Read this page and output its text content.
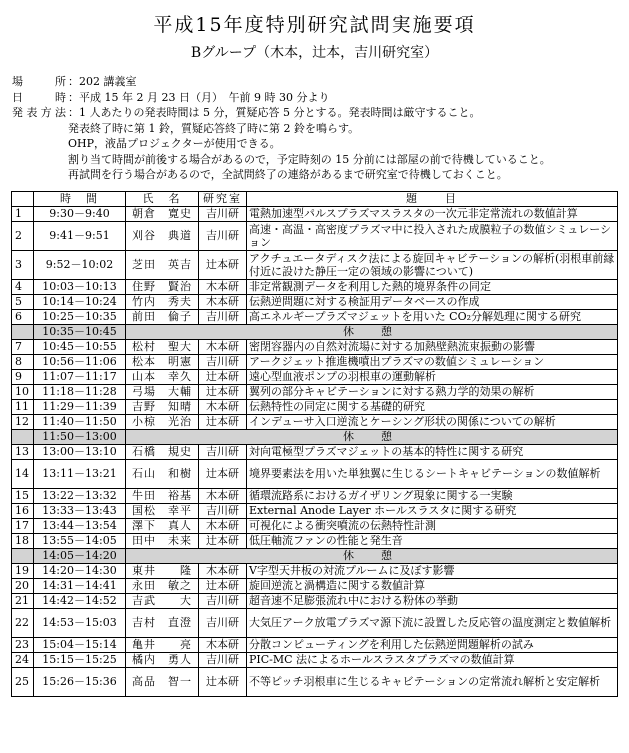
平成15年度特別研究試問実施要項
Bグループ（木本，辻本，吉川研究室）
場　　所 ：202 講義室
日　　時 ：平成 15 年 2 月 23 日（月）　午前 9 時 30 分より
発表方法 ：1 人あたりの発表時間は 5 分，質疑応答 5 分とする。発表時間は厳守すること。
発表終了時に第 1 鈴，質疑応答終了時に第 2 鈴を鳴らす。
OHP，液晶プロジェクターが使用できる。
割り当て時間が前後する場合があるので，予定時刻の 15 分前には部屋の前で待機していること。
再試問を行う場合があるので，全試問終了の連絡があるまで研究室で待機しておくこと。
	時　間	氏　名	研究室	題　　目
1	9:30－9:40	朝倉　寛史	吉川研	電熱加速型パルスプラズマスラスタの一次元非定常流れの数値計算
2	9:41－9:51	刈谷　典道	吉川研	高速・高温・高密度プラズマ中に投入された成膜粒子の数値シミュレーション
3	9:52－10:02	芝田　英吉	辻本研	アクチュエータディスク法による旋回キャビテーションの解析(羽根車前縁付近に設けた静圧一定の領域の影響について)
4	10:03－10:13	住野　賢治	木本研	非定常観測データを利用した熱的境界条件の同定
5	10:14－10:24	竹内　秀夫	木本研	伝熱逆問題に対する検証用データベースの作成
6	10:25－10:35	前田　倫子	吉川研	高エネルギープラズマジェットを用いた CO₂分解処理に関する研究
	10:35－10:45	休　憩		
7	10:45－10:55	松村　聖大	木本研	密閉容器内の自然対流場に対する加熱壁熱流束振動の影響
8	10:56－11:06	松本　明憲	吉川研	アークジェット推進機噴出プラズマの数値シミュレーション
9	11:07－11:17	山本　幸久	辻本研	遠心型血液ポンプの羽根車の運動解析
10	11:18－11:28	弓場　大輔	辻本研	翼列の部分キャビテーションに対する熱力学的効果の解析
11	11:29－11:39	吉野　知晴	木本研	伝熱特性の同定に関する基礎的研究
12	11:40－11:50	小椋　光治	辻本研	インデューサ入口逆流とケーシング形状の関係についての解析
	11:50－13:00	休　憩		
13	13:00－13:10	石橋　規史	吉川研	対向電極型プラズマジェットの基本的特性に関する研究
14	13:11－13:21	石山　和樹	辻本研	境界要素法を用いた単独翼に生じるシートキャビテーションの数値解析
15	13:22－13:32	牛田　裕基	木本研	循環流路系におけるガイザリング現象に関する一実験
16	13:33－13:43	国松　幸平	吉川研	External Anode Layer ホールスラスタに関する研究
17	13:44－13:54	澤下　真人	木本研	可視化による衝突噴流の伝熱特性計測
18	13:55－14:05	田中　未来	辻本研	低圧軸流ファンの性能と発生音
	14:05－14:20	休　憩		
19	14:20－14:30	東井　　隆	木本研	V字型天井板の対流プルームに及ぼす影響
20	14:31－14:41	永田　敏之	辻本研	旋回逆流と渦構造に関する数値計算
21	14:42－14:52	吉武　　大	吉川研	超音速不足膨張流れ中における粉体の挙動
22	14:53－15:03	吉村　直澄	吉川研	大気圧アーク放電プラズマ源下流に設置した反応管の温度測定と数値解析
23	15:04－15:14	亀井　　亮	木本研	分散コンピューティングを利用した伝熱逆問題解析の試み
24	15:15－15:25	橘内　勇人	吉川研	PIC-MC 法によるホールスラスタプラズマの数値計算
25	15:26－15:36	高品　智一	辻本研	不等ピッチ羽根車に生じるキャビテーションの定常流れ解析と安定解析
